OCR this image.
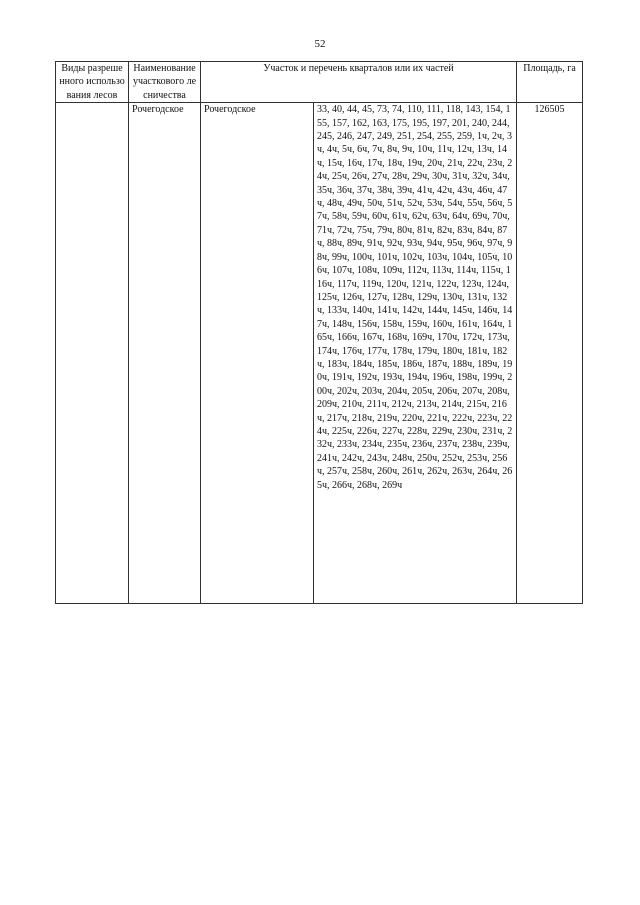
52
Виды разрешенного использования лесов	Наименование участкового лесничества	Участок и перечень кварталов или их частей		Площадь, га
	Рочегодское	Рочегодское	33, 40, 44, 45, 73, 74, 110, 111, 118, 143, 154, 155, 157, 162, 163, 175, 195, 197, 201, 240, 244, 245, 246, 247, 249, 251, 254, 255, 259, 1ч, 2ч, 3ч, 4ч, 5ч, 6ч, 7ч, 8ч, 9ч, 10ч, 11ч, 12ч, 13ч, 14ч, 15ч, 16ч, 17ч, 18ч, 19ч, 20ч, 21ч, 22ч, 23ч, 24ч, 25ч, 26ч, 27ч, 28ч, 29ч, 30ч, 31ч, 32ч, 34ч, 35ч, 36ч, 37ч, 38ч, 39ч, 41ч, 42ч, 43ч, 46ч, 47ч, 48ч, 49ч, 50ч, 51ч, 52ч, 53ч, 54ч, 55ч, 56ч, 57ч, 58ч, 59ч, 60ч, 61ч, 62ч, 63ч, 64ч, 69ч, 70ч, 71ч, 72ч, 75ч, 79ч, 80ч, 81ч, 82ч, 83ч, 84ч, 87ч, 88ч, 89ч, 91ч, 92ч, 93ч, 94ч, 95ч, 96ч, 97ч, 98ч, 99ч, 100ч, 101ч, 102ч, 103ч, 104ч, 105ч, 106ч, 107ч, 108ч, 109ч, 112ч, 113ч, 114ч, 115ч, 116ч, 117ч, 119ч, 120ч, 121ч, 122ч, 123ч, 124ч, 125ч, 126ч, 127ч, 128ч, 129ч, 130ч, 131ч, 132ч, 133ч, 140ч, 141ч, 142ч, 144ч, 145ч, 146ч, 147ч, 148ч, 156ч, 158ч, 159ч, 160ч, 161ч, 164ч, 165ч, 166ч, 167ч, 168ч, 169ч, 170ч, 172ч, 173ч, 174ч, 176ч, 177ч, 178ч, 179ч, 180ч, 181ч, 182ч, 183ч, 184ч, 185ч, 186ч, 187ч, 188ч, 189ч, 190ч, 191ч, 192ч, 193ч, 194ч, 196ч, 198ч, 199ч, 200ч, 202ч, 203ч, 204ч, 205ч, 206ч, 207ч, 208ч, 209ч, 210ч, 211ч, 212ч, 213ч, 214ч, 215ч, 216ч, 217ч, 218ч, 219ч, 220ч, 221ч, 222ч, 223ч, 224ч, 225ч, 226ч, 227ч, 228ч, 229ч, 230ч, 231ч, 232ч, 233ч, 234ч, 235ч, 236ч, 237ч, 238ч, 239ч, 241ч, 242ч, 243ч, 248ч, 250ч, 252ч, 253ч, 256ч, 257ч, 258ч, 260ч, 261ч, 262ч, 263ч, 264ч, 265ч, 266ч, 268ч, 269ч	126505
